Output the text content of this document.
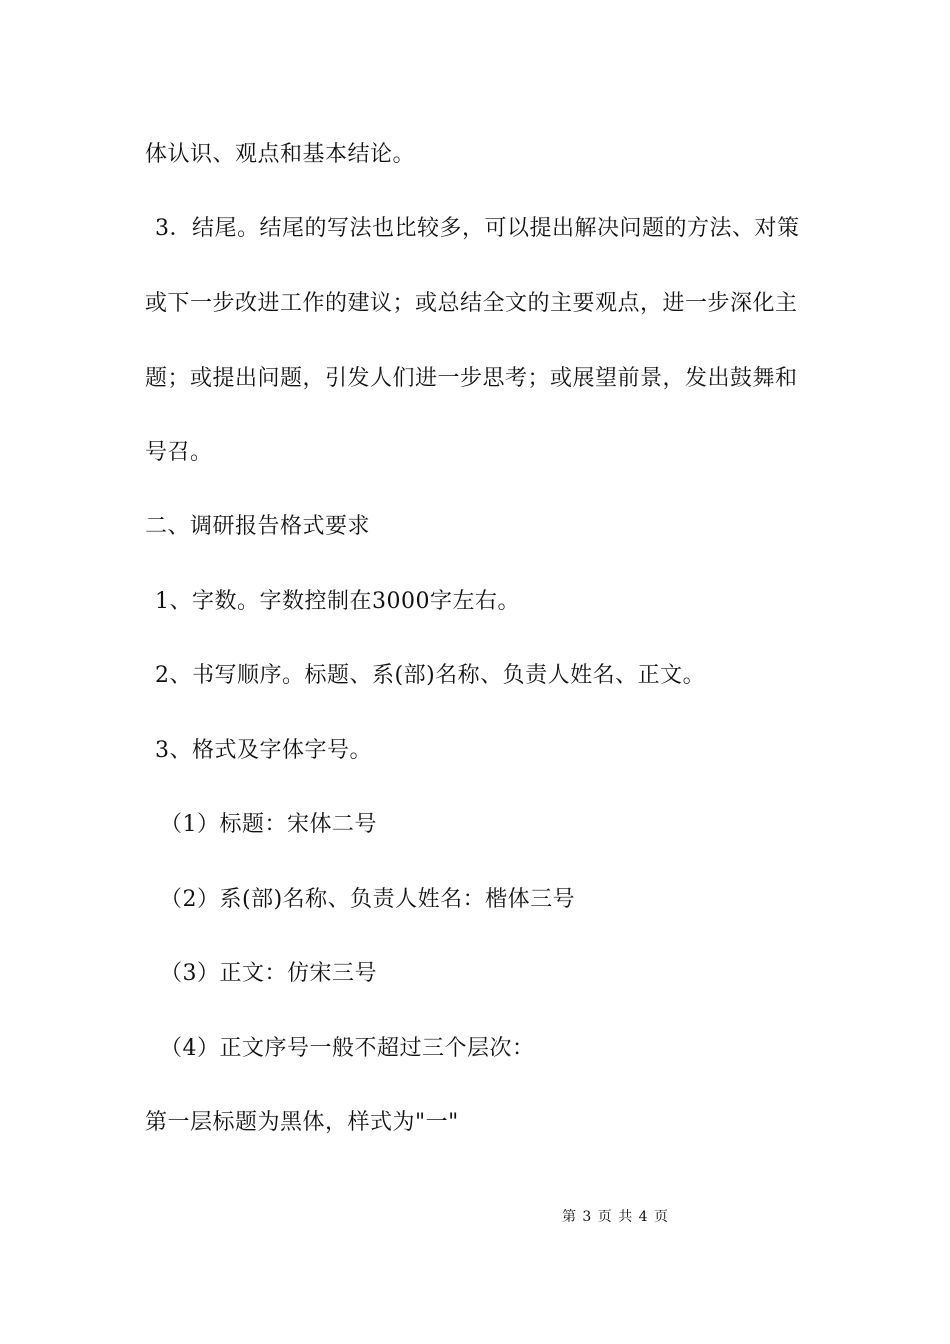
体认识、观点和基本结论。
3．结尾。结尾的写法也比较多，可以提出解决问题的方法、对策
或下一步改进工作的建议；或总结全文的主要观点，进一步深化主
题；或提出问题，引发人们进一步思考；或展望前景，发出鼓舞和
号召。
二、调研报告格式要求
1、字数。字数控制在3000字左右。
2、书写顺序。标题、系(部)名称、负责人姓名、正文。
3、格式及字体字号。
（1）标题：宋体二号
（2）系(部)名称、负责人姓名：楷体三号
（3）正文：仿宋三号
（4）正文序号一般不超过三个层次：
第一层标题为黑体，样式为"一"
第 3 页 共 4 页
